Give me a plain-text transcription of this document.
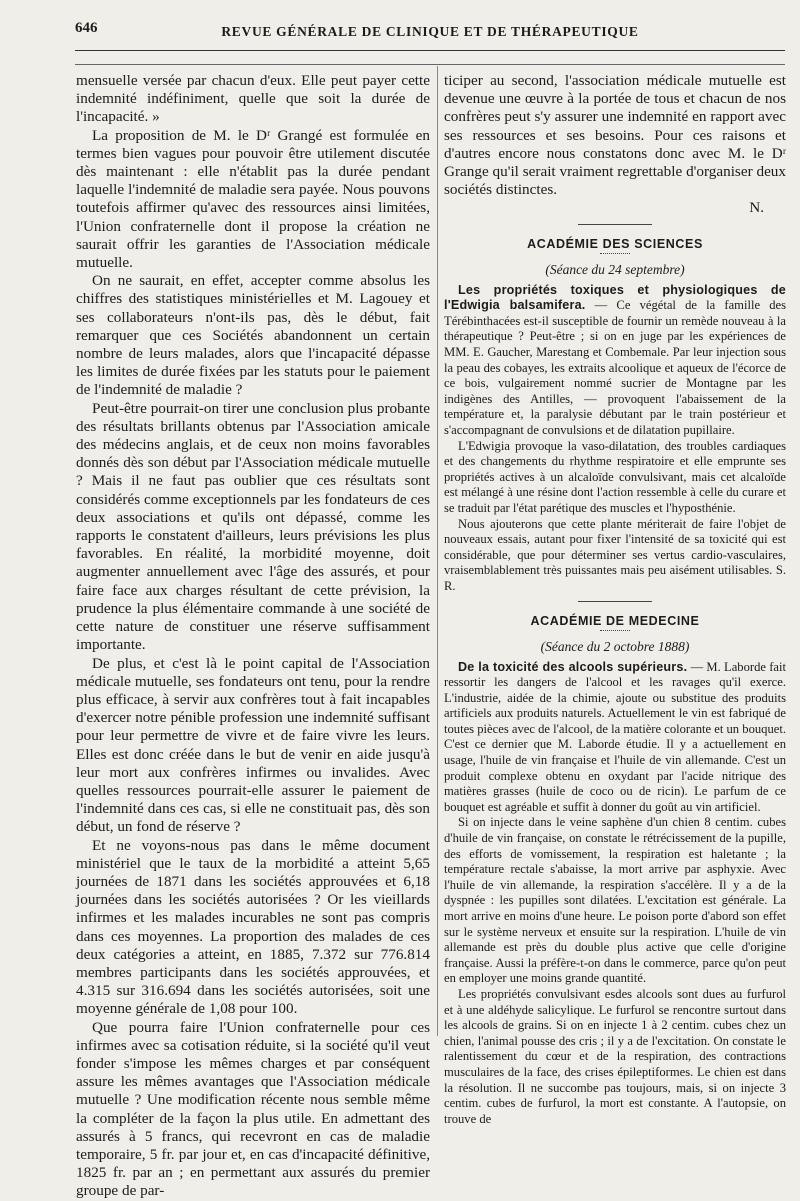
646	REVUE GÉNÉRALE DE CLINIQUE ET DE THÉRAPEUTIQUE

mensuelle versée par chacun d'eux. Elle peut payer cette indemnité indéfiniment, quelle que soit la durée de l'incapacité. »

La proposition de M. le Dʳ Grangé est formulée en termes bien vagues pour pouvoir être utilement discutée dès maintenant : elle n'établit pas la durée pendant laquelle l'indemnité de maladie sera payée. Nous pouvons toutefois affirmer qu'avec des ressources ainsi limitées, l'Union confraternelle dont il propose la création ne saurait offrir les garanties de l'Association médicale mutuelle.

On ne saurait, en effet, accepter comme absolus les chiffres des statistiques ministérielles et M. Lagouey et ses collaborateurs n'ont-ils pas, dès le début, fait remarquer que ces Sociétés abandonnent un certain nombre de leurs malades, alors que l'incapacité dépasse les limites de durée fixées par les statuts pour le paiement de l'indemnité de maladie ?

Peut-être pourrait-on tirer une conclusion plus probante des résultats brillants obtenus par l'Association amicale des médecins anglais, et de ceux non moins favorables donnés dès son début par l'Association médicale mutuelle ? Mais il ne faut pas oublier que ces résultats sont considérés comme exceptionnels par les fondateurs de ces deux associations et qu'ils ont dépassé, comme les rapports le constatent d'ailleurs, leurs prévisions les plus favorables. En réalité, la morbidité moyenne, doit augmenter annuellement avec l'âge des assurés, et pour faire face aux charges résultant de cette prévision, la prudence la plus élémentaire commande à une société de cette nature de constituer une réserve suffisamment importante.

De plus, et c'est là le point capital de l'Association médicale mutuelle, ses fondateurs ont tenu, pour la rendre plus efficace, à servir aux confrères tout à fait incapables d'exercer notre pénible profession une indemnité suffisant pour leur permettre de vivre et de faire vivre les leurs. Elles est donc créée dans le but de venir en aide jusqu'à leur mort aux confrères infirmes ou invalides. Avec quelles ressources pourrait-elle assurer le paiement de l'indemnité dans ces cas, si elle ne constituait pas, dès son début, un fond de réserve ?

Et ne voyons-nous pas dans le même document ministériel que le taux de la morbidité a atteint 5,65 journées de 1871 dans les sociétés approuvées et 6,18 journées dans les sociétés autorisées ? Or les vieillards infirmes et les malades incurables ne sont pas compris dans ces moyennes. La proportion des malades de ces deux catégories a atteint, en 1885, 7.372 sur 776.814 membres participants dans les sociétés approuvées, et 4.315 sur 316.694 dans les sociétés autorisées, soit une moyenne générale de 1,08 pour 100.

Que pourra faire l'Union confraternelle pour ces infirmes avec sa cotisation réduite, si la société qu'il veut fonder s'impose les mêmes charges et par conséquent assure les mêmes avantages que l'Association médicale mutuelle ? Une modification récente nous semble même la compléter de la façon la plus utile. En admettant des assurés à 5 francs, qui recevront en cas de maladie temporaire, 5 fr. par jour et, en cas d'incapacité définitive, 1825 fr. par an ; en permettant aux assurés du premier groupe de par-

ticiper au second, l'association médicale mutuelle est devenue une œuvre à la portée de tous et chacun de nos confrères peut s'y assurer une indemnité en rapport avec ses ressources et ses besoins. Pour ces raisons et d'autres encore nous constatons donc avec M. le Dʳ Grange qu'il serait vraiment regrettable d'organiser deux sociétés distinctes.

N.

ACADÉMIE DES SCIENCES
(Séance du 24 septembre)

Les propriétés toxiques et physiologiques de l'Edwigia balsamifera. — Ce végétal de la famille des Térébinthacées est-il susceptible de fournir un remède nouveau à la thérapeutique ? Peut-être ; si on en juge par les expériences de MM. E. Gaucher, Marestang et Combemale. Par leur injection sous la peau des cobayes, les extraits alcoolique et aqueux de l'écorce de ce bois, vulgairement nommé sucrier de Montagne par les indigènes des Antilles, — provoquent l'abaissement de la température et, la paralysie débutant par le train postérieur et s'accompagnant de convulsions et de dilatation pupillaire.

L'Edwigia provoque la vaso-dilatation, des troubles cardiaques et des changements du rhythme respiratoire et elle emprunte ses propriétés actives à un alcaloïde convulsivant, mais cet alcaloïde est mélangé à une résine dont l'action ressemble à celle du curare et se traduit par l'état parétique des muscles et l'hyposthénie.

Nous ajouterons que cette plante mériterait de faire l'objet de nouveaux essais, autant pour fixer l'intensité de sa toxicité qui est considérable, que pour déterminer ses vertus cardio-vasculaires, vraisemblablement très puissantes mais peu aisément utilisables. S. R.

ACADÉMIE DE MEDECINE
(Séance du 2 octobre 1888)

De la toxicité des alcools supérieurs. — M. Laborde fait ressortir les dangers de l'alcool et les ravages qu'il exerce. L'industrie, aidée de la chimie, ajoute ou substitue des produits artificiels aux produits naturels. Actuellement le vin est fabriqué de toutes pièces avec de l'alcool, de la matière colorante et un bouquet. C'est ce dernier que M. Laborde étudie. Il y a actuellement en usage, l'huile de vin française et l'huile de vin allemande. C'est un produit complexe obtenu en oxydant par l'acide nitrique des matières grasses (huile de coco ou de ricin). Le parfum de ce bouquet est agréable et suffit à donner du goût au vin artificiel.

Si on injecte dans le veine saphène d'un chien 8 centim. cubes d'huile de vin française, on constate le rétrécissement de la pupille, des efforts de vomissement, la respiration est haletante ; la température rectale s'abaisse, la mort arrive par asphyxie. Avec l'huile de vin allemande, la respiration s'accélère. Il y a de la dyspnée : les pupilles sont dilatées. L'excitation est générale. La mort arrive en moins d'une heure. Le poison porte d'abord son effet sur le système nerveux et ensuite sur la respiration. L'huile de vin allemande est près du double plus active que celle d'origine française. Aussi la préfère-t-on dans le commerce, parce qu'on peut en employer une moins grande quantité.

Les propriétés convulsivant esdes alcools sont dues au furfurol et à une aldéhyde salicylique. Le furfurol se rencontre surtout dans les alcools de grains. Si on en injecte 1 à 2 centim. cubes chez un chien, l'animal pousse des cris ; il y a de l'excitation. On constate le ralentissement du cœur et de la respiration, des contractions musculaires de la face, des crises épileptiformes. Le chien est dans la résolution. Il ne succombe pas toujours, mais, si on injecte 3 centim. cubes de furfurol, la mort est constante. A l'autopsie, on trouve de
